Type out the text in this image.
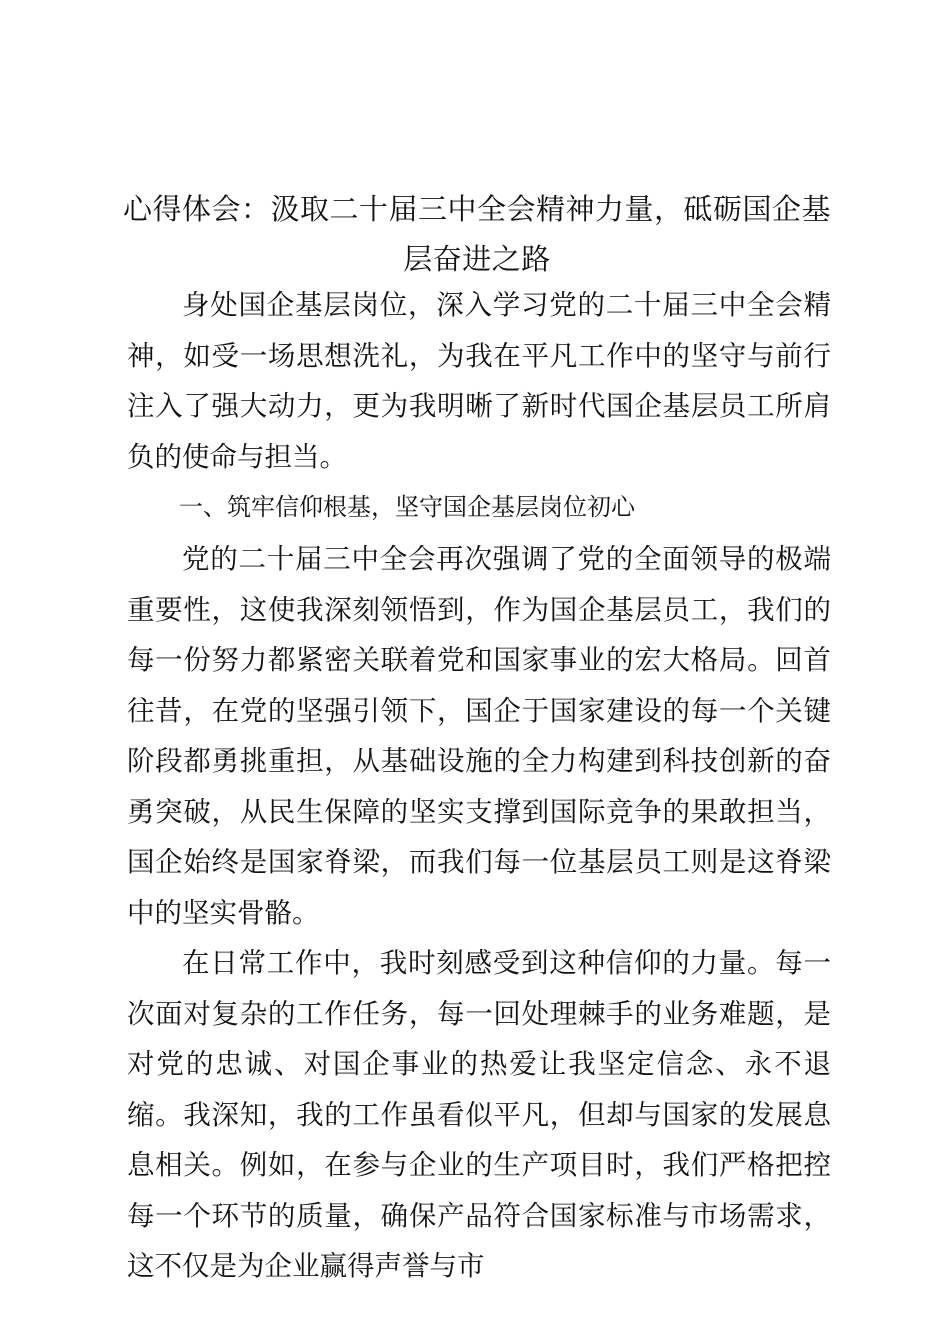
心得体会：汲取二十届三中全会精神力量，砥砺国企基层奋进之路

身处国企基层岗位，深入学习党的二十届三中全会精神，如受一场思想洗礼，为我在平凡工作中的坚守与前行注入了强大动力，更为我明晰了新时代国企基层员工所肩负的使命与担当。

一、筑牢信仰根基，坚守国企基层岗位初心

党的二十届三中全会再次强调了党的全面领导的极端重要性，这使我深刻领悟到，作为国企基层员工，我们的每一份努力都紧密关联着党和国家事业的宏大格局。回首往昔，在党的坚强引领下，国企于国家建设的每一个关键阶段都勇挑重担，从基础设施的全力构建到科技创新的奋勇突破，从民生保障的坚实支撑到国际竞争的果敢担当，国企始终是国家脊梁，而我们每一位基层员工则是这脊梁中的坚实骨骼。

在日常工作中，我时刻感受到这种信仰的力量。每一次面对复杂的工作任务，每一回处理棘手的业务难题，是对党的忠诚、对国企事业的热爱让我坚定信念、永不退缩。我深知，我的工作虽看似平凡，但却与国家的发展息息相关。例如，在参与企业的生产项目时，我们严格把控每一个环节的质量，确保产品符合国家标准与市场需求，这不仅是为企业赢得声誉与市
